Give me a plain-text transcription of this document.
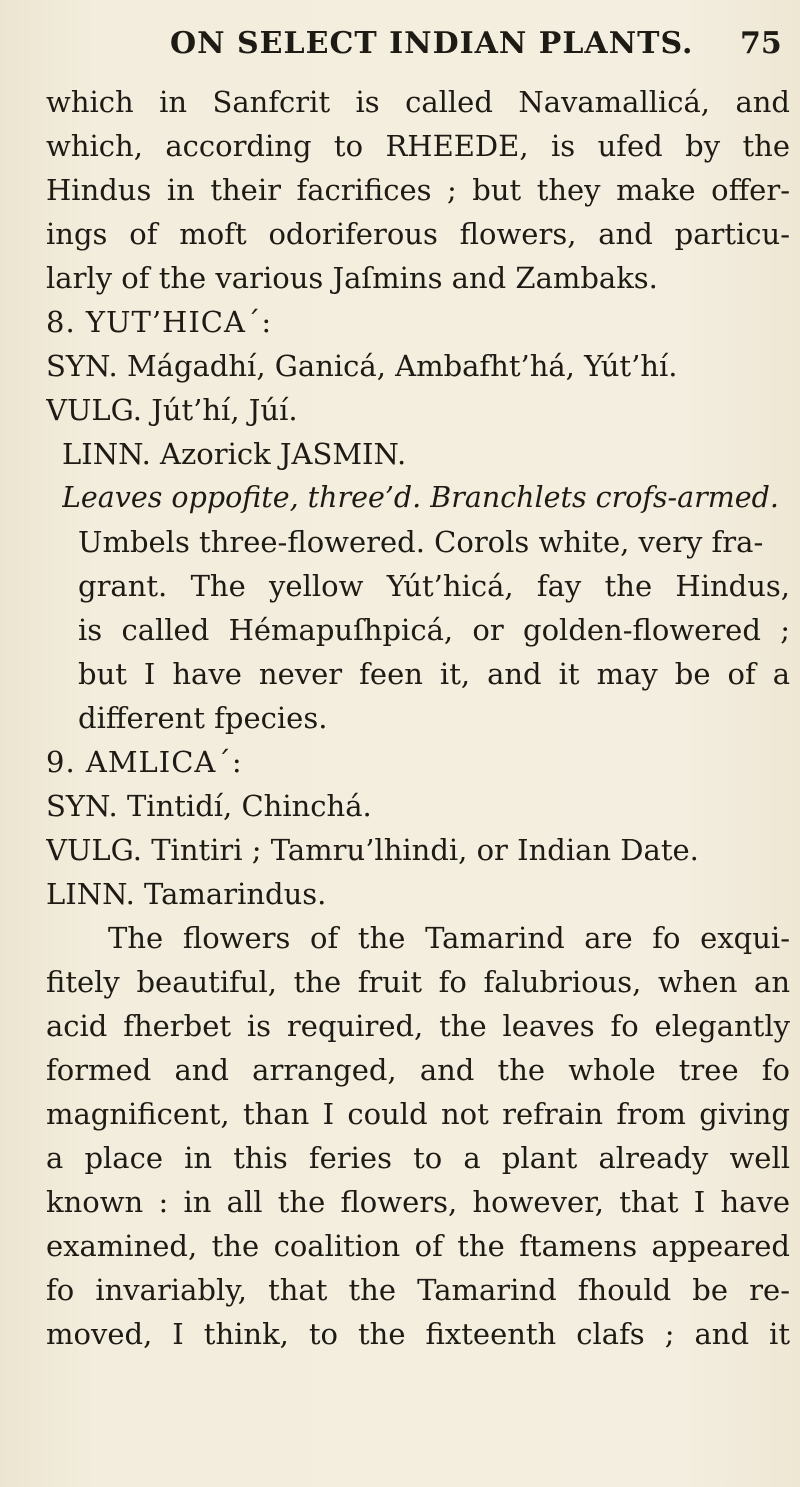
ON SELECT INDIAN PLANTS. 75
which in Sanfcrit is called Navamallicá, and
which, according to RHEEDE, is ufed by the
Hindus in their facrifices ; but they make offer-
ings of moft odoriferous flowers, and particu-
larly of the various Jaſmins and Zambaks.
8. YUT’HICA´:
SYN. Mágadhí, Ganicá, Ambafht’há, Yút’hí.
VULG. Jút’hí, Júí.
LINN. Azorick JASMIN.
Leaves oppofite, three’d. Branchlets crofs-armed.
Umbels three-flowered. Corols white, very fra-
grant. The yellow Yút’hicá, fay the Hindus,
is called Hémapuſhpicá, or golden-flowered ;
but I have never feen it, and it may be of a
different fpecies.
9. AMLICA´:
SYN. Tintidí, Chinchá.
VULG. Tintiri ; Tamru’lhindi, or Indian Date.
LINN. Tamarindus.
The flowers of the Tamarind are fo exqui-
fitely beautiful, the fruit fo falubrious, when an
acid fherbet is required, the leaves fo elegantly
formed and arranged, and the whole tree fo
magnificent, than I could not refrain from giving
a place in this feries to a plant already well
known : in all the flowers, however, that I have
examined, the coalition of the ftamens appeared
fo invariably, that the Tamarind fhould be re-
moved, I think, to the fixteenth clafs ; and it
